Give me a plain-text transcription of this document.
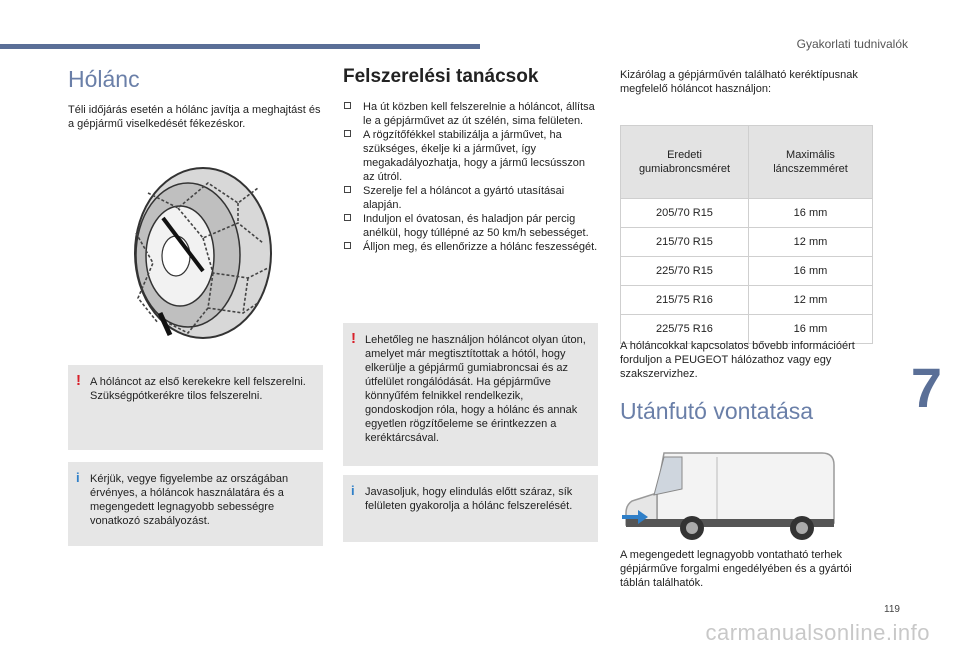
Gyakorlati tudnivalók
7
119
carmanualsonline.info
Hólánc

Téli időjárás esetén a hólánc javítja a meghajtást és a gépjármű viselkedését fékezéskor.

! A hóláncot az első kerekekre kell felszerelni. Szükségpótkerékre tilos felszerelni.
i Kérjük, vegye figyelembe az országában érvényes, a hóláncok használatára és a megengedett legnagyobb sebességre vonatkozó szabályozást.
Felszerelési tanácsok
Ha út közben kell felszerelnie a hóláncot, állítsa le a gépjárművet az út szélén, sima felületen.
A rögzítőfékkel stabilizálja a járművet, ha szükséges, ékelje ki a járművet, így megakadályozhatja, hogy a jármű lecsússzon az útról.
Szerelje fel a hóláncot a gyártó utasításai alapján.
Induljon el óvatosan, és haladjon pár percig anélkül, hogy túllépné az 50 km/h sebességet.
Álljon meg, és ellenőrizze a hólánc feszességét.
! Lehetőleg ne használjon hóláncot olyan úton, amelyet már megtisztítottak a hótól, hogy elkerülje a gépjármű gumiabroncsai és az útfelület rongálódását. Ha gépjárműve könnyűfém felnikkel rendelkezik, gondoskodjon róla, hogy a hólánc és annak egyetlen rögzítőeleme se érintkezzen a keréktárcsával.
i Javasoljuk, hogy elindulás előtt száraz, sík felületen gyakorolja a hólánc felszerelését.

Kizárólag a gépjárművén található keréktípusnak megfelelő hóláncot használjon:

Eredeti gumiabroncsméret	Maximális láncszemméret
205/70 R15	16 mm
215/70 R15	12 mm
225/70 R15	16 mm
215/75 R16	12 mm
225/75 R16	16 mm

A hóláncokkal kapcsolatos bővebb információért forduljon a PEUGEOT hálózathoz vagy egy szakszervizhez.

Utánfutó vontatása

A megengedett legnagyobb vontatható terhek gépjárműve forgalmi engedélyében és a gyártói táblán találhatók.
